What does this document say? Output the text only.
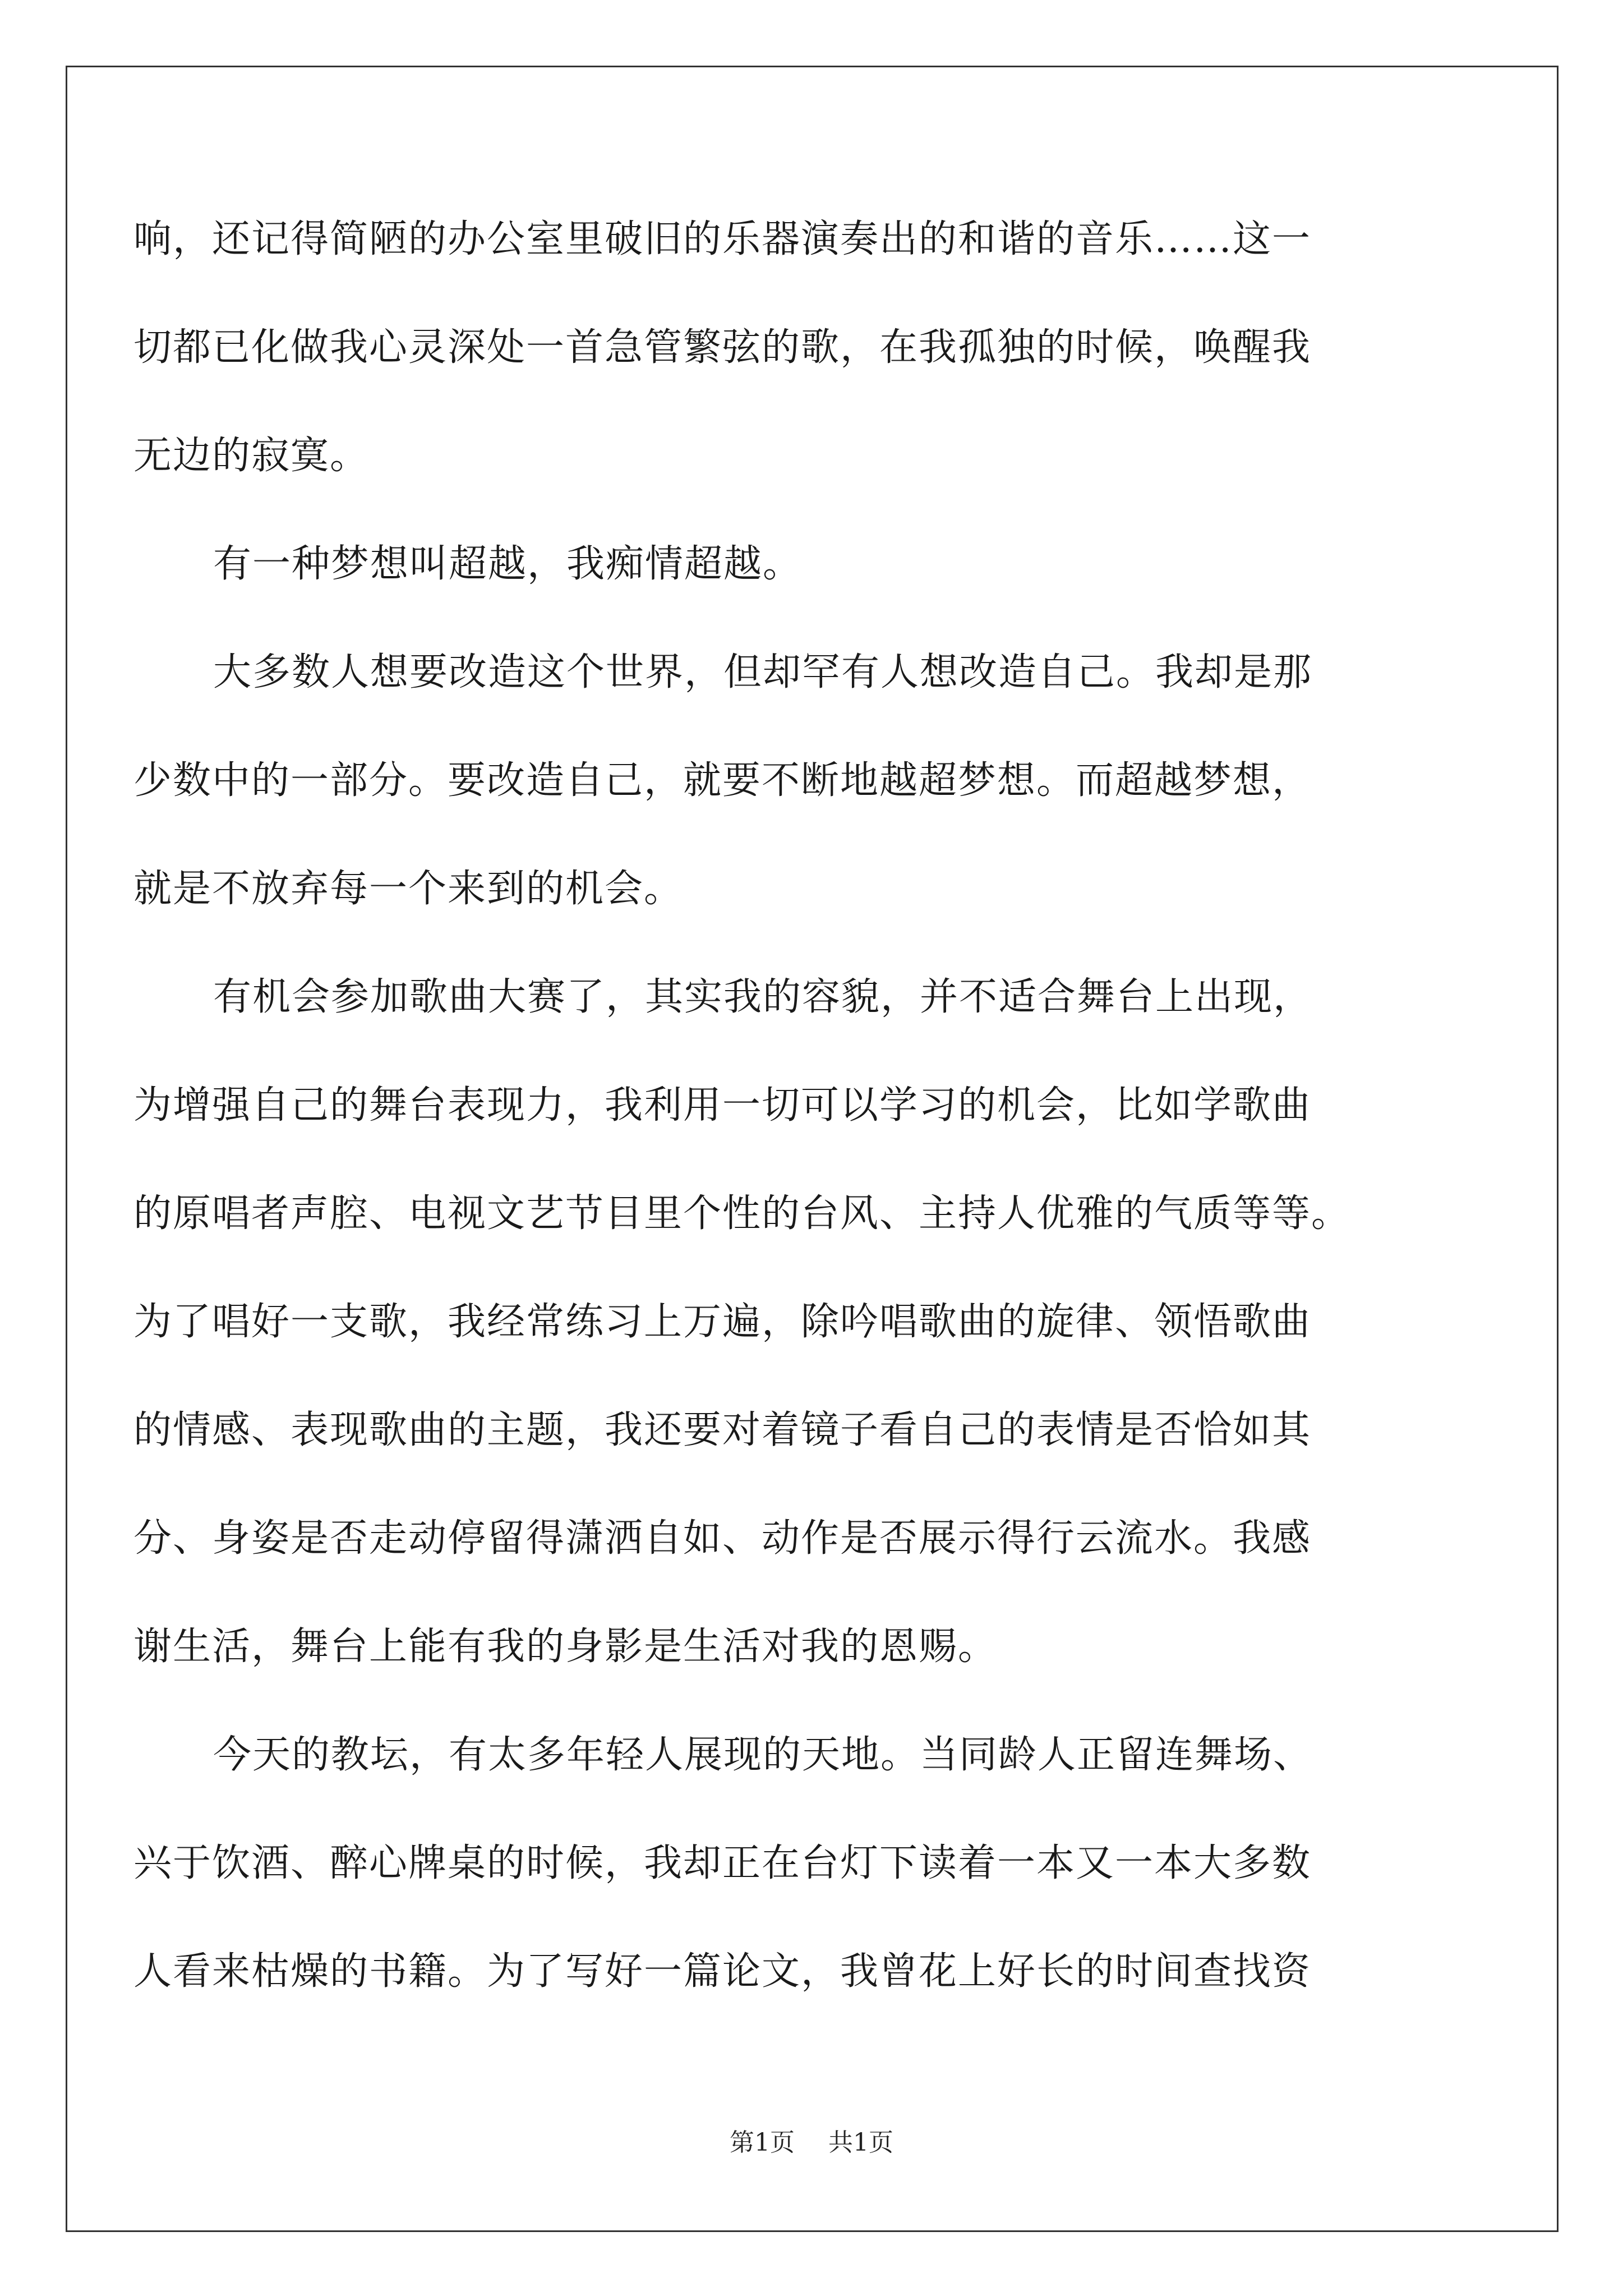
响，还记得简陋的办公室里破旧的乐器演奏出的和谐的音乐……这一
切都已化做我心灵深处一首急管繁弦的歌，在我孤独的时候，唤醒我
无边的寂寞。
有一种梦想叫超越，我痴情超越。
大多数人想要改造这个世界，但却罕有人想改造自己。我却是那
少数中的一部分。要改造自己，就要不断地越超梦想。而超越梦想，
就是不放弃每一个来到的机会。
有机会参加歌曲大赛了，其实我的容貌，并不适合舞台上出现，
为增强自己的舞台表现力，我利用一切可以学习的机会，比如学歌曲
的原唱者声腔、电视文艺节目里个性的台风、主持人优雅的气质等等。
为了唱好一支歌，我经常练习上万遍，除吟唱歌曲的旋律、领悟歌曲
的情感、表现歌曲的主题，我还要对着镜子看自己的表情是否恰如其
分、身姿是否走动停留得潇洒自如、动作是否展示得行云流水。我感
谢生活，舞台上能有我的身影是生活对我的恩赐。
今天的教坛，有太多年轻人展现的天地。当同龄人正留连舞场、
兴于饮酒、醉心牌桌的时候，我却正在台灯下读着一本又一本大多数
人看来枯燥的书籍。为了写好一篇论文，我曾花上好长的时间查找资
第1页 共1页
